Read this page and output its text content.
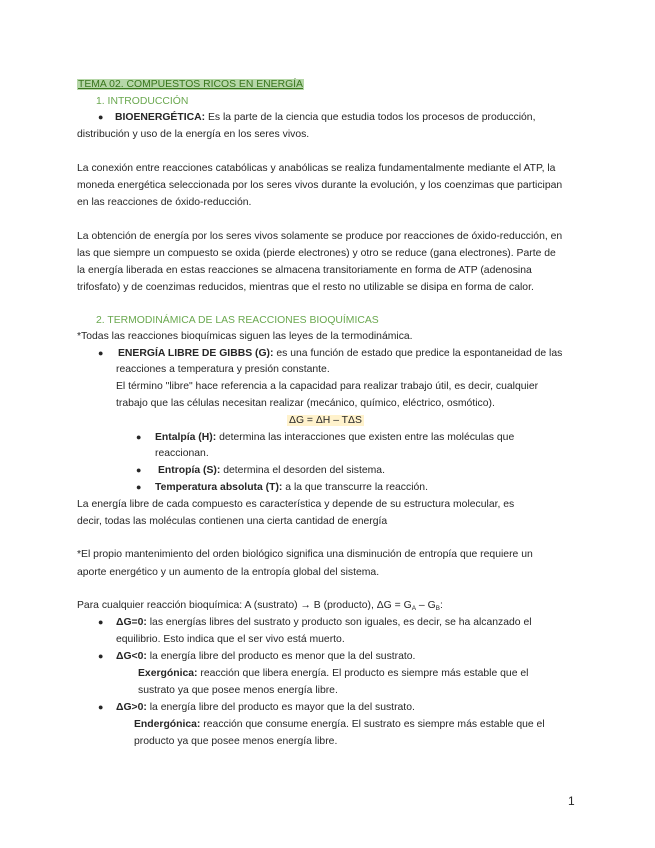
TEMA 02. COMPUESTOS RICOS EN ENERGÍA
1. INTRODUCCIÓN
● BIOENERGÉTICA: Es la parte de la ciencia que estudia todos los procesos de producción,
distribución y uso de la energía en los seres vivos.
La conexión entre reacciones catabólicas y anabólicas se realiza fundamentalmente mediante el ATP, la
moneda energética seleccionada por los seres vivos durante la evolución, y los coenzimas que participan
en las reacciones de óxido-reducción.
La obtención de energía por los seres vivos solamente se produce por reacciones de óxido-reducción, en
las que siempre un compuesto se oxida (pierde electrones) y otro se reduce (gana electrones). Parte de
la energía liberada en estas reacciones se almacena transitoriamente en forma de ATP (adenosina
trifosfato) y de coenzimas reducidos, mientras que el resto no utilizable se disipa en forma de calor.
2. TERMODINÁMICA DE LAS REACCIONES BIOQUÍMICAS
*Todas las reacciones bioquímicas siguen las leyes de la termodinámica.
● ENERGÍA LIBRE DE GIBBS (G): es una función de estado que predice la espontaneidad de las
reacciones a temperatura y presión constante.
El término "libre" hace referencia a la capacidad para realizar trabajo útil, es decir, cualquier
trabajo que las células necesitan realizar (mecánico, químico, eléctrico, osmótico).
ΔG = ΔH – TΔS
● Entalpía (H): determina las interacciones que existen entre las moléculas que
reaccionan.
● Entropía (S): determina el desorden del sistema.
● Temperatura absoluta (T): a la que transcurre la reacción.
La energía libre de cada compuesto es característica y depende de su estructura molecular, es
decir, todas las moléculas contienen una cierta cantidad de energía
*El propio mantenimiento del orden biológico significa una disminución de entropía que requiere un
aporte energético y un aumento de la entropía global del sistema.
Para cualquier reacción bioquímica: A (sustrato) → B (producto), $\Delta G = G_A - G_B$:
● ΔG=0: las energías libres del sustrato y producto son iguales, es decir, se ha alcanzado el
equilibrio. Esto indica que el ser vivo está muerto.
● ΔG<0: la energía libre del producto es menor que la del sustrato.
Exergónica: reacción que libera energía. El producto es siempre más estable que el
sustrato ya que posee menos energía libre.
● ΔG>0: la energía libre del producto es mayor que la del sustrato.
Endergónica: reacción que consume energía. El sustrato es siempre más estable que el
producto ya que posee menos energía libre.
1
